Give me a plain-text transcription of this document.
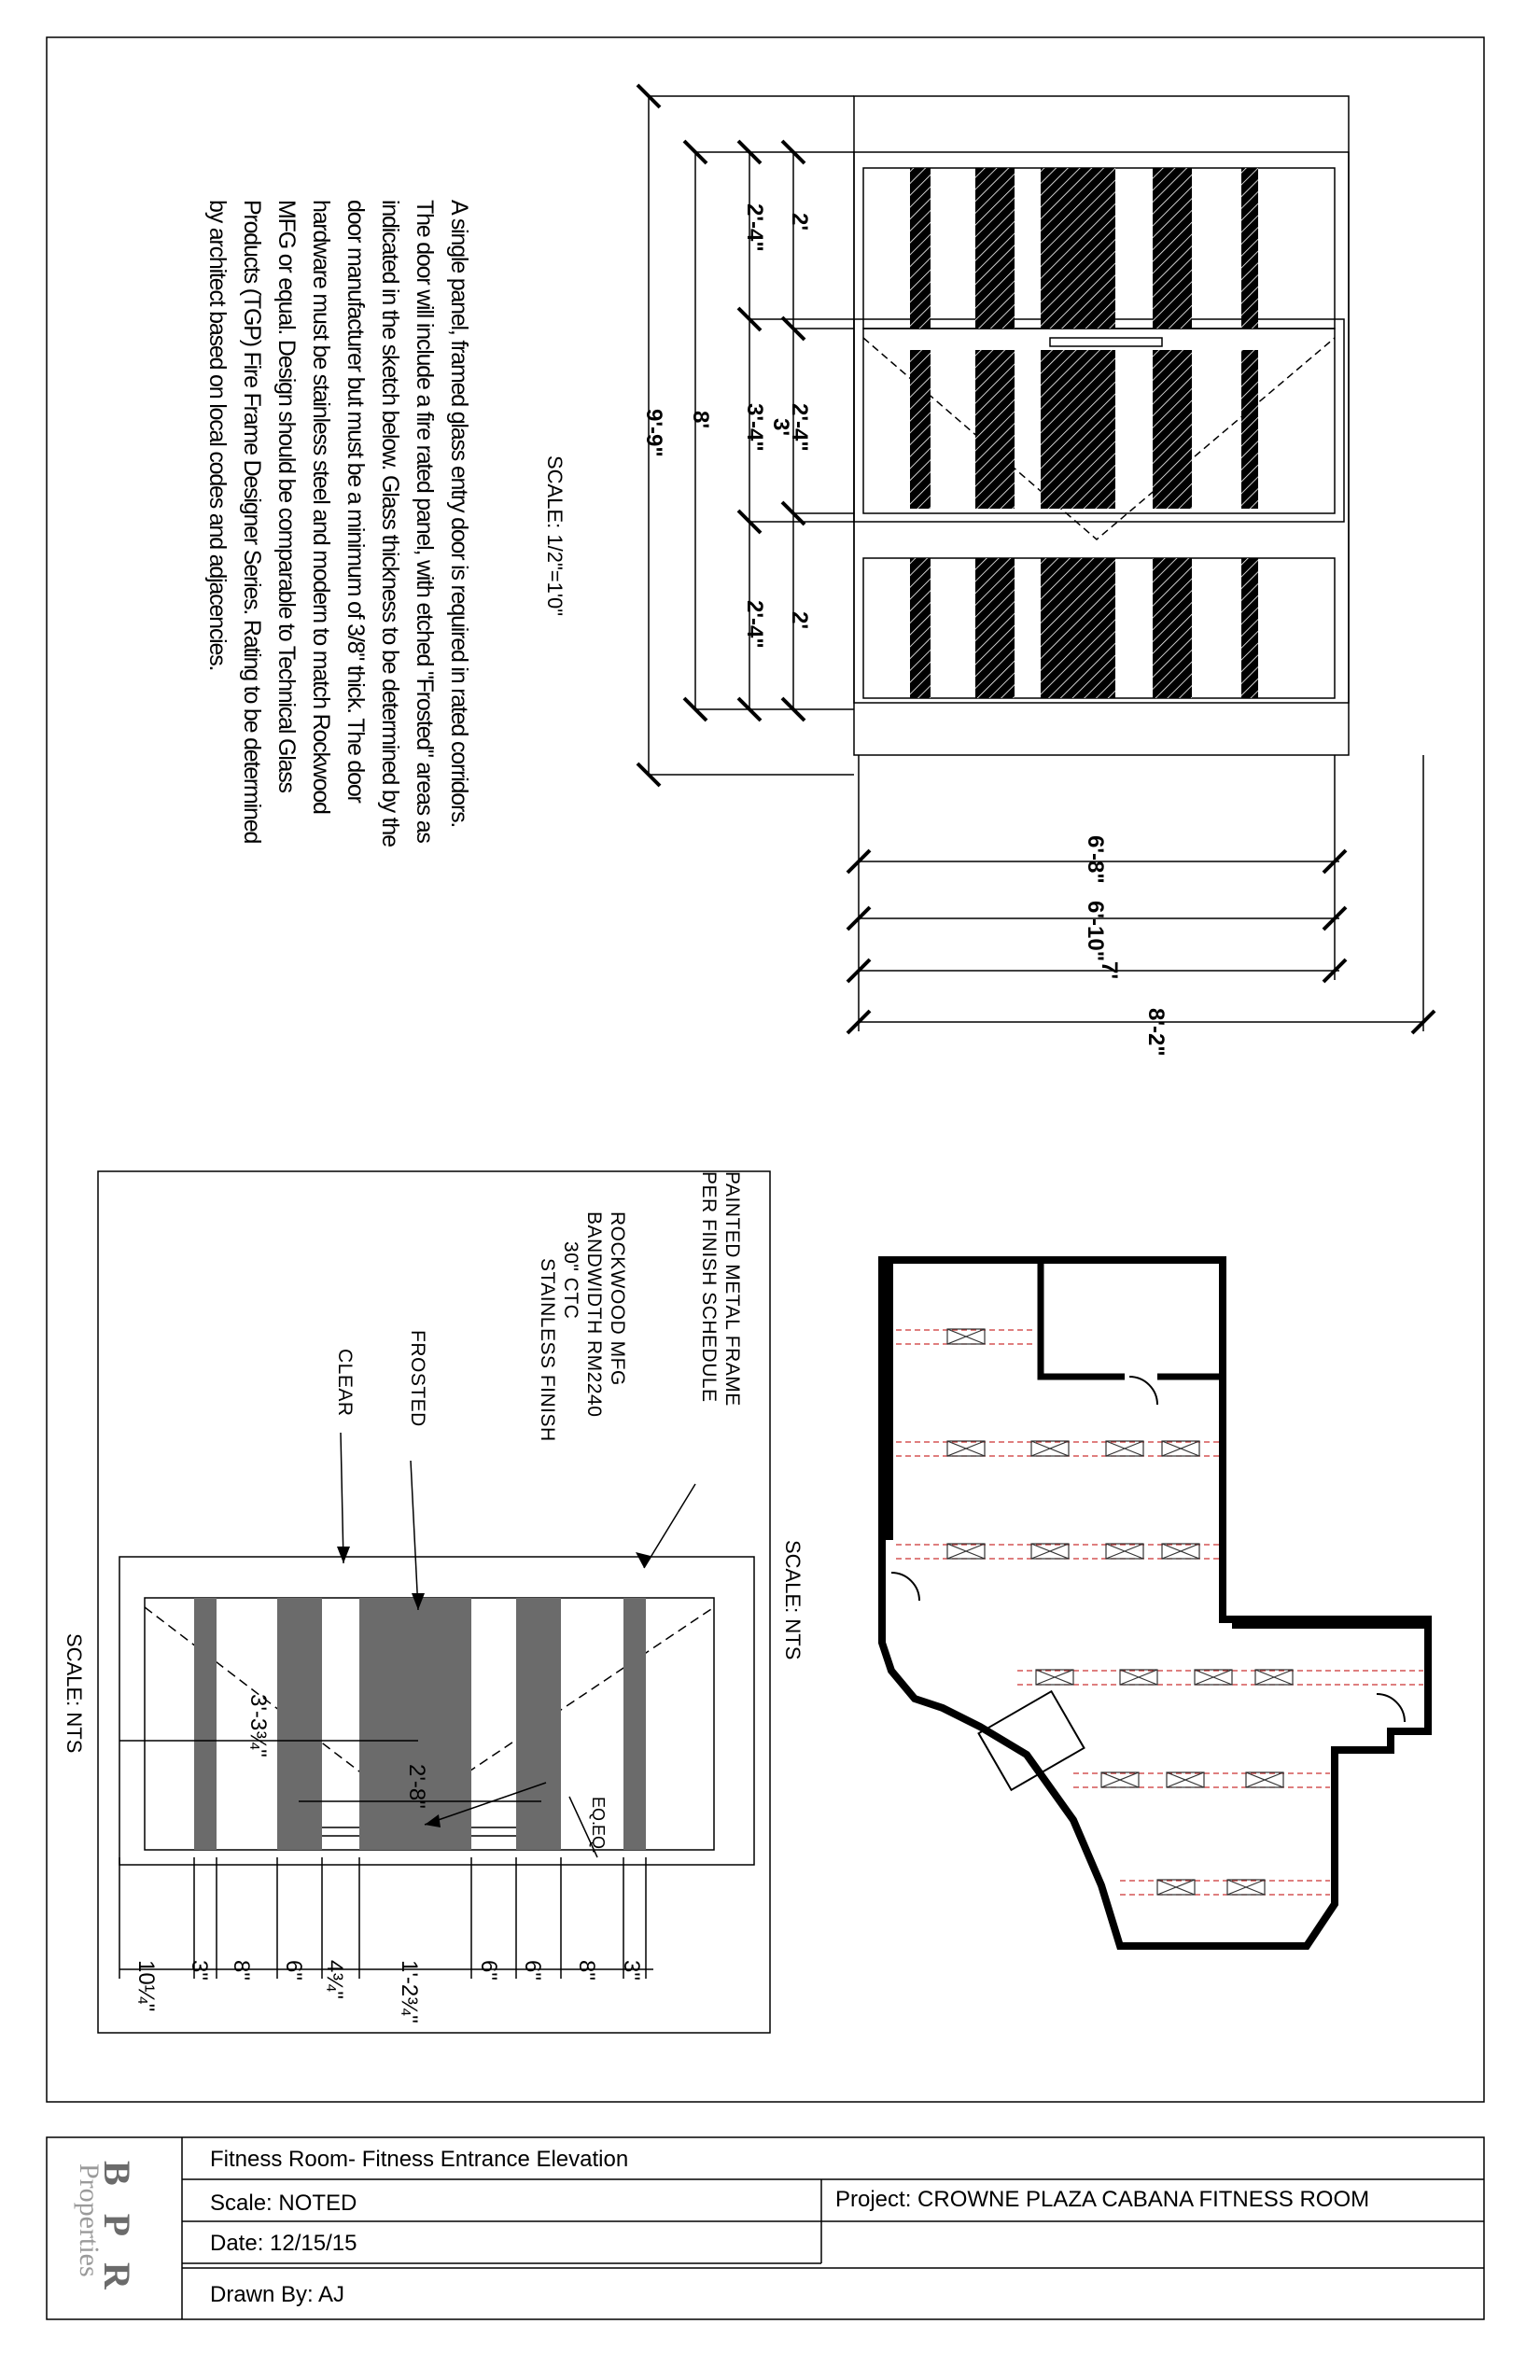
A single panel, framed glass entry door is required in rated corridors. The door will include a fire rated panel, with etched "Frosted" areas as indicated in the sketch below. Glass thickness to be determined by the door manufacturer but must be a minimum of 3/8" thick. The door hardware must be stainless steel and modern to match Rockwood MFG or equal. Design should be comparable to Technical Glass Products (TGP) Fire Frame Designer Series. Rating to be determined by architect based on local codes and adjacencies.	SCALE: 1/2"=1'0"
9'-9" 8'
2'-4" 2'
3'-4" 2'-4"
3'
2'-4" 2'
6'-8"
6'-10"
7'
8'-2"
SCALE: NTS
SCALE: NTS
PAINTED METAL FRAME
PER FINISH SCHEDULE
ROCKWOOD MFG
BANDWIDTH RM2240
30" CTC
STAINLESS FINISH
FROSTED
CLEAR
3'-3¾"
2'-8"
EQ.
EQ.
10¼" 3" 8" 6" 4¾" 1'-2¾" 6" 6" 8" 3"
B P R
Properties
Fitness Room- Fitness Entrance Elevation
Scale: NOTED	Project: CROWNE PLAZA CABANA FITNESS ROOM
Date: 12/15/15
Drawn By: AJ
